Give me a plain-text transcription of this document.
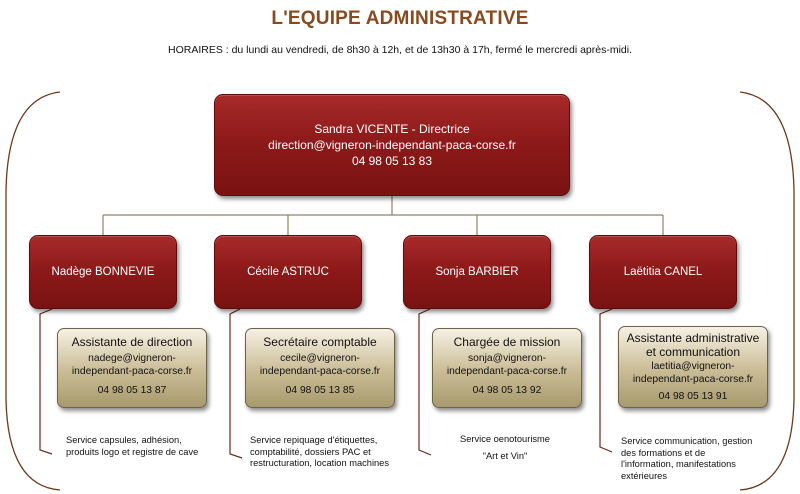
L'EQUIPE ADMINISTRATIVE
HORAIRES : du lundi au vendredi, de 8h30 à 12h, et de 13h30 à 17h, fermé le mercredi après-midi.
Sandra VICENTE - Directrice
direction@vigneron-independant-paca-corse.fr
04 98 05 13 83
Nadège BONNEVIE	Cécile ASTRUC	Sonja BARBIER	Laëtitia CANEL
Assistante de direction
nadege@vigneron-
independant-paca-corse.fr
04 98 05 13 87
Secrétaire comptable
cecile@vigneron-
independant-paca-corse.fr
04 98 05 13 85
Chargée de mission
sonja@vigneron-
independant-paca-corse.fr
04 98 05 13 92
Assistante administrative
et communication
laetitia@vigneron-
independant-paca-corse.fr
04 98 05 13 91
Service capsules, adhésion, produits logo et registre de cave
Service repiquage d'étiquettes, comptabilité, dossiers PAC et restructuration, location machines
Service oenotourisme
"Art et Vin"
Service communication, gestion des formations et de l'information, manifestations extérieures
